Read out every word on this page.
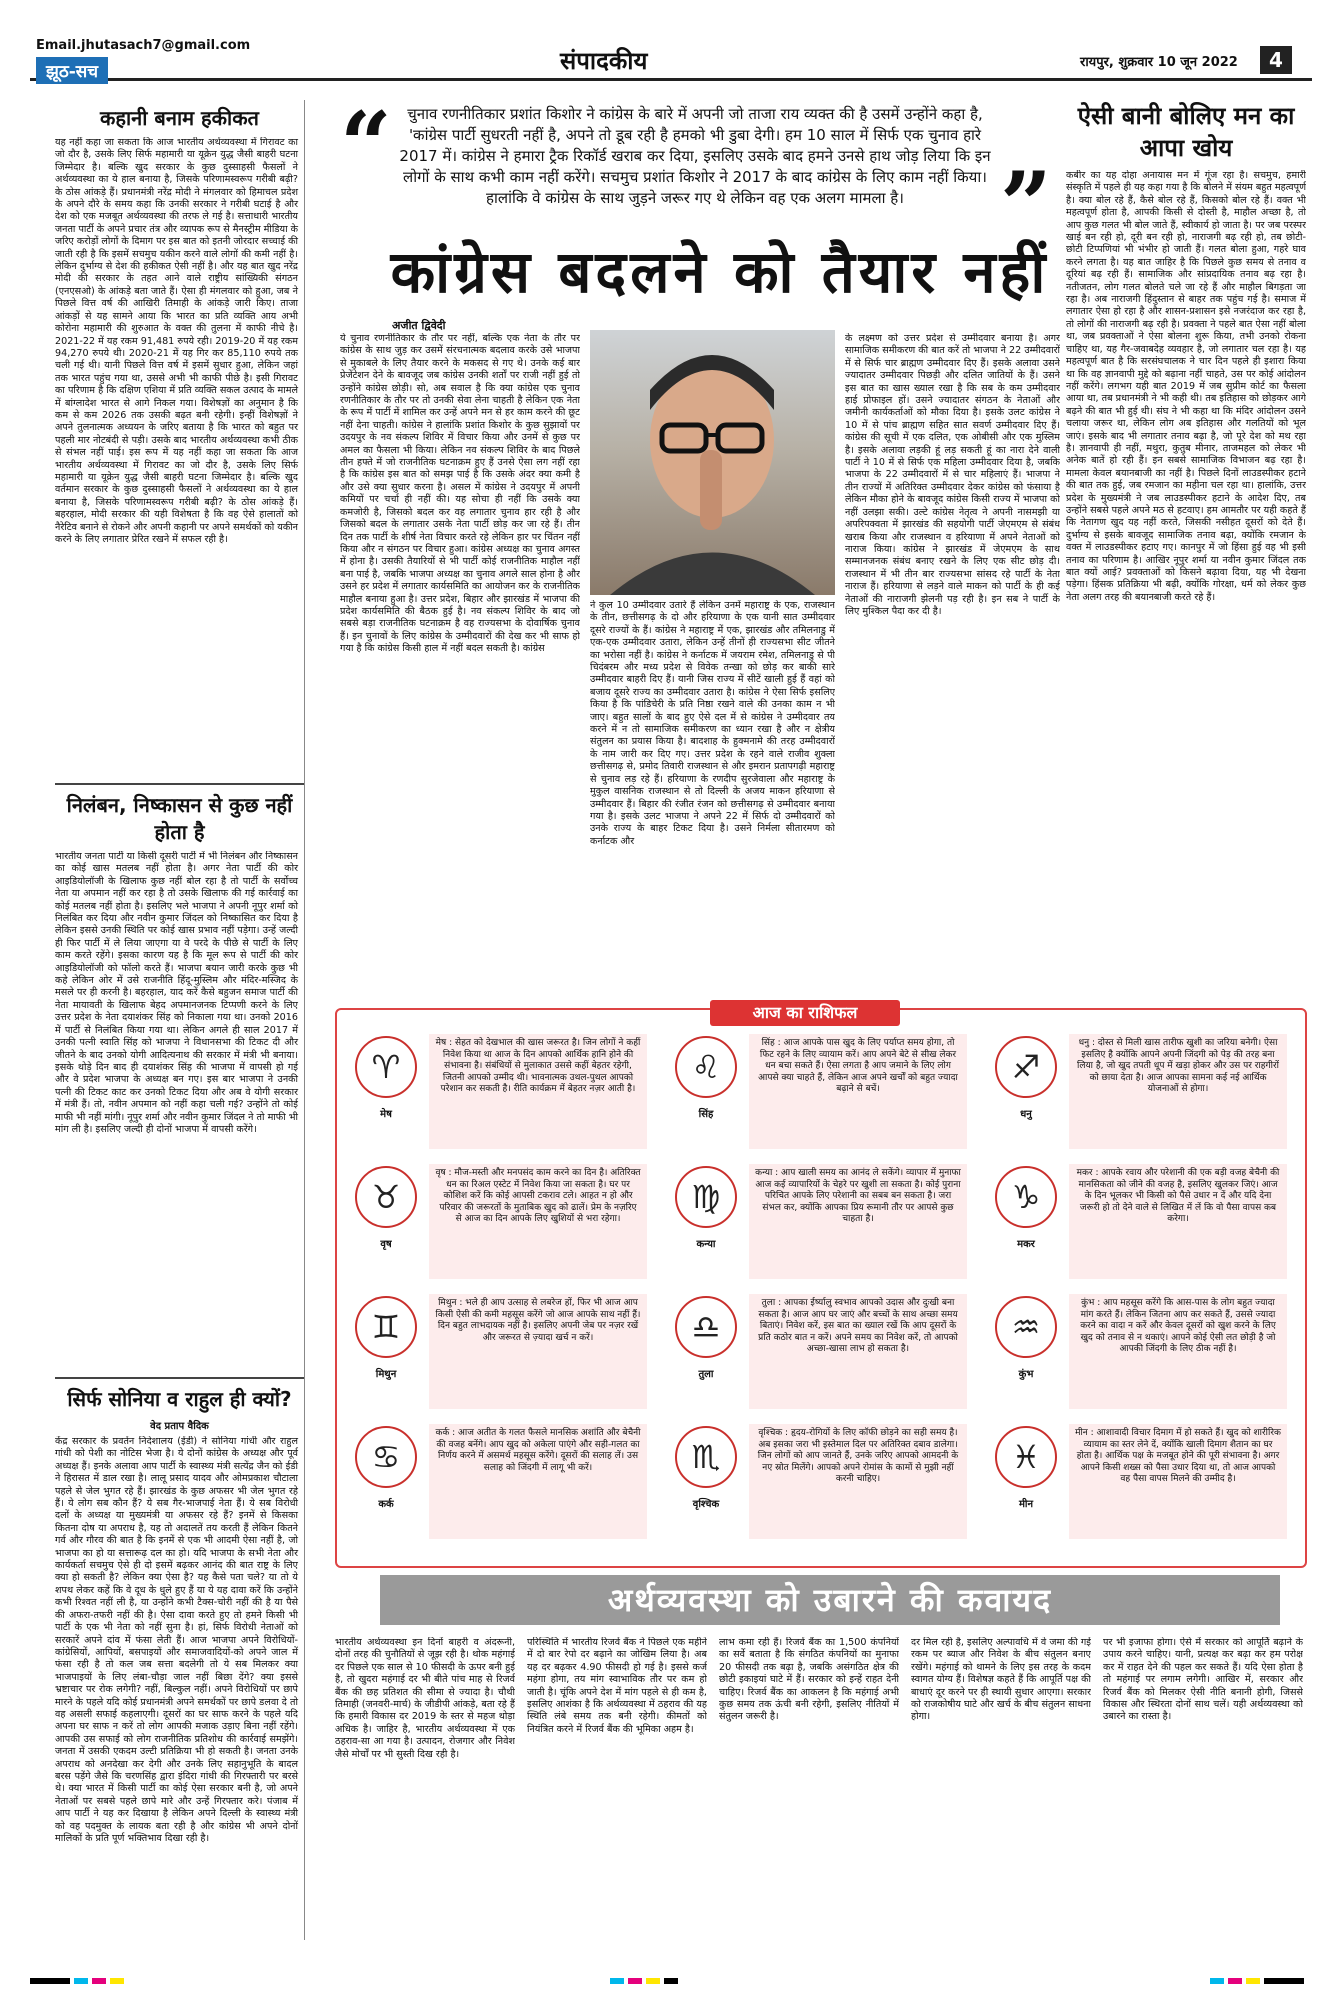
Email.jhutasach7@gmail.com
झूठ-सच	संपादकीय	रायपुर, शुक्रवार 10 जून 2022	4
कहानी बनाम हकीकत
यह नहीं कहा जा सकता कि आज भारतीय अर्थव्यवस्था में गिरावट का जो दौर है, उसके लिए सिर्फ महामारी या यूक्रेन युद्ध जैसी बाहरी घटना जिम्मेदार है। बल्कि खुद सरकार के कुछ दुस्साहसी फैसलों ने अर्थव्यवस्था का ये हाल बनाया है, जिसके परिणामस्वरूप गरीबी बढ़ी? के ठोस आंकड़े हैं। प्रधानमंत्री नरेंद्र मोदी ने मंगलवार को हिमाचल प्रदेश के अपने दौरे के समय कहा कि उनकी सरकार ने गरीबी घटाई है और देश को एक मजबूत अर्थव्यवस्था की तरफ ले गई है। सत्ताधारी भारतीय जनता पार्टी के अपने प्रचार तंत्र और व्यापक रूप से मैनस्ट्रीम मीडिया के जरिए करोड़ों लोगों के दिमाग पर इस बात को इतनी जोरदार सच्चाई की जाती रही है कि इसमें सचमुच यकीन करने वाले लोगों की कमी नहीं है। लेकिन दुर्भाग्य से देश की हकीकत ऐसी नहीं है। और यह बात खुद नरेंद्र मोदी की सरकार के तहत आने वाले राष्ट्रीय सांख्यिकी संगठन (एनएसओ) के आंकड़े बता जाते हैं। ऐसा ही मंगलवार को हुआ, जब ने पिछले वित्त वर्ष की आखिरी तिमाही के आंकड़े जारी किए। ताजा आंकड़ों से यह सामने आया कि भारत का प्रति व्यक्ति आय अभी कोरोना महामारी की शुरुआत के वक्त की तुलना में काफी नीचे है। 2021-22 में यह रकम 91,481 रुपये रही। 2019-20 में यह रकम 94,270 रुपये थी। 2020-21 में यह गिर कर 85,110 रुपये तक चली गई थी। यानी पिछले वित्त वर्ष में इसमें सुधार हुआ, लेकिन जहां तक भारत पहुंच गया था, उससे अभी भी काफी पीछे है। इसी गिरावट का परिणाम है कि दक्षिण एशिया में प्रति व्यक्ति सकल उत्पाद के मामले में बांग्लादेश भारत से आगे निकल गया। विशेषज्ञों का अनुमान है कि कम से कम 2026 तक उसकी बढ़त बनी रहेगी। इन्हीं विशेषज्ञों ने अपने तुलनात्मक अध्ययन के जरिए बताया है कि भारत को बहुत पर पहली मार नोटबंदी से पड़ी। उसके बाद भारतीय अर्थव्यवस्था कभी ठीक से संभल नहीं पाई। इस रूप में यह नहीं कहा जा सकता कि आज भारतीय अर्थव्यवस्था में गिरावट का जो दौर है, उसके लिए सिर्फ महामारी या यूक्रेन युद्ध जैसी बाहरी घटना जिम्मेदार है। बल्कि खुद वर्तमान सरकार के कुछ दुस्साहसी फैसलों ने अर्थव्यवस्था का ये हाल बनाया है, जिसके परिणामस्वरूप गरीबी बढ़ी? के ठोस आंकड़े हैं। बहरहाल, मोदी सरकार की यही विशेषता है कि वह ऐसे हालातों को नैरेटिव बनाने से रोकने और अपनी कहानी पर अपने समर्थकों को यकीन करने के लिए लगातार प्रेरित रखने में सफल रही है।
निलंबन, निष्कासन से कुछ नहीं होता है
भारतीय जनता पार्टी या किसी दूसरी पार्टी में भी निलंबन और निष्कासन का कोई खास मतलब नहीं होता है। अगर नेता पार्टी की कोर आइडियोलॉजी के खिलाफ कुछ नहीं बोल रहा है तो पार्टी के सर्वोच्च नेता या अपमान नहीं कर रहा है तो उसके खिलाफ की गई कार्रवाई का कोई मतलब नहीं होता है। इसलिए भले भाजपा ने अपनी नूपुर शर्मा को निलंबित कर दिया और नवीन कुमार जिंदल को निष्कासित कर दिया है लेकिन इससे उनकी स्थिति पर कोई खास प्रभाव नहीं पड़ेगा। उन्हें जल्दी ही फिर पार्टी में ले लिया जाएगा या वे परदे के पीछे से पार्टी के लिए काम करते रहेंगे। इसका कारण यह है कि मूल रूप से पार्टी की कोर आइडियोलॉजी को फॉलो करते हैं। भाजपा बयान जारी करके कुछ भी कहे लेकिन ओर में उसे राजनीति हिंदू-मुस्लिम और मंदिर-मस्जिद के मसले पर ही करनी है। बहरहाल, याद करें कैसे बहुजन समाज पार्टी की नेता मायावती के खिलाफ बेहद अपमानजनक टिप्पणी करने के लिए उत्तर प्रदेश के नेता दयाशंकर सिंह को निकाला गया था। उनको 2016 में पार्टी से निलंबित किया गया था। लेकिन अगले ही साल 2017 में उनकी पत्नी स्वाति सिंह को भाजपा ने विधानसभा की टिकट दी और जीतने के बाद उनको योगी आदित्यनाथ की सरकार में मंत्री भी बनाया। इसके थोड़े दिन बाद ही दयाशंकर सिंह की भाजपा में वापसी हो गई और वे प्रदेश भाजपा के अध्यक्ष बन गए। इस बार भाजपा ने उनकी पत्नी की टिकट काट कर उनको टिकट दिया और अब वे योगी सरकार में मंत्री हैं। तो, नवीन अपमान को नहीं कहा चली गई? उन्होंने तो कोई माफी भी नहीं मांगी। नूपुर शर्मा और नवीन कुमार जिंदल ने तो माफी भी मांग ली है। इसलिए जल्दी ही दोनों भाजपा में वापसी करेंगे।
सिर्फ सोनिया व राहुल ही क्यों?
वेद प्रताप वैदिक
केंद्र सरकार के प्रवर्तन निदेशालय (ईडी) ने सोनिया गांधी और राहुल गांधी को पेशी का नोटिस भेजा है। ये दोनों कांग्रेस के अध्यक्ष और पूर्व अध्यक्ष हैं। इनके अलावा आप पार्टी के स्वास्थ्य मंत्री सत्येंद्र जैन को ईडी ने हिरासत में डाल रखा है। लालू प्रसाद यादव और ओमप्रकाश चौटाला पहले से जेल भुगत रहे हैं। झारखंड के कुछ अफसर भी जेल भुगत रहे हैं। ये लोग सब कौन हैं? ये सब गैर-भाजपाई नेता हैं। ये सब विरोधी दलों के अध्यक्ष या मुख्यमंत्री या अफसर रहे हैं? इनमें से किसका कितना दोष या अपराध है, यह तो अदालतें तय करती हैं लेकिन कितने गर्व और गौरव की बात है कि इनमें से एक भी आदमी ऐसा नहीं है, जो भाजपा का हो या सत्तारूढ़ दल का हो। यदि भाजपा के सभी नेता और कार्यकर्ता सचमुच ऐसे ही दो इसमें बढ़कर आनंद की बात राष्ट्र के लिए क्या हो सकती है? लेकिन क्या ऐसा है? यह कैसे पता चले? या तो ये शपथ लेकर कहें कि वे दूध के धुले हुए हैं या ये यह दावा करें कि उन्होंने कभी रिश्वत नहीं ली है, या उन्होंने कभी टैक्स-चोरी नहीं की है या पैसे की अफरा-तफरी नहीं की है। ऐसा दावा करते हुए तो हमने किसी भी पार्टी के एक भी नेता को नहीं सुना है। हां, सिर्फ विरोधी नेताओं को सरकारें अपने दांव में फंसा लेती हैं। आज भाजपा अपने विरोधियों-कांग्रेसियों, आपियों, बसपाइयों और समाजवादियों-को अपने जाल में फंसा रही है तो कल जब सत्ता बदलेगी तो ये सब मिलकर क्या भाजपाइयों के लिए लंबा-चौड़ा जाल नहीं बिछा देंगे? क्या इससे भ्रष्टाचार पर रोक लगेगी? नहीं, बिल्कुल नहीं। अपने विरोधियों पर छापे मारने के पहले यदि कोई प्रधानमंत्री अपने समर्थकों पर छापे डलवा दे तो वह असली सफाई कहलाएगी। दूसरों का घर साफ करने के पहले यदि अपना घर साफ न करें तो लोग आपकी मजाक उड़ाए बिना नहीं रहेंगे। आपकी उस सफाई को लोग राजनीतिक प्रतिशोध की कार्रवाई समझेंगे। जनता में उसकी एकदम उल्टी प्रतिक्रिया भी हो सकती है। जनता उनके अपराध को अनदेखा कर देगी और उनके लिए सहानुभूति के बादल बरस पड़ेंगे जैसे कि चरणसिंह द्वारा इंदिरा गांधी की गिरफ्तारी पर बरसे थे। क्या भारत में किसी पार्टी का कोई ऐसा सरकार बनी है, जो अपने नेताओं पर सबसे पहले छापे मारे और उन्हें गिरफ्तार करे। पंजाब में आप पार्टी ने यह कर दिखाया है लेकिन अपने दिल्ली के स्वास्थ्य मंत्री को वह पदमुक्त के लायक बता रही है और कांग्रेस भी अपने दोनों मालिकों के प्रति पूर्ण भक्तिभाव दिखा रही है।
“	चुनाव रणनीतिकार प्रशांत किशोर ने कांग्रेस के बारे में अपनी जो ताजा राय व्यक्त की है उसमें उन्होंने कहा है, 'कांग्रेस पार्टी सुधरती नहीं है, अपने तो डूब रही है हमको भी डुबा देगी। हम 10 साल में सिर्फ एक चुनाव हारे 2017 में। कांग्रेस ने हमारा ट्रैक रिकॉर्ड खराब कर दिया, इसलिए उसके बाद हमने उनसे हाथ जोड़ लिया कि इन लोगों के साथ कभी काम नहीं करेंगे। सचमुच प्रशांत किशोर ने 2017 के बाद कांग्रेस के लिए काम नहीं किया। हालांकि वे कांग्रेस के साथ जुड़ने जरूर गए थे लेकिन वह एक अलग मामला है।	”
कांग्रेस बदलने को तैयार नहीं
अजीत द्विवेदी
ये चुनाव रणनीतिकार के तौर पर नहीं, बल्कि एक नेता के तौर पर कांग्रेस के साथ जुड़ कर उसमें संरचनात्मक बदलाव करके उसे भाजपा से मुकाबले के लिए तैयार करने के मकसद से गए थे। उनके कई बार प्रेजेंटेशन देने के बावजूद जब कांग्रेस उनकी शर्तों पर राजी नहीं हुई तो उन्होंने कांग्रेस छोड़ी। सो, अब सवाल है कि क्या कांग्रेस एक चुनाव रणनीतिकार के तौर पर तो उनकी सेवा लेना चाहती है लेकिन एक नेता के रूप में पार्टी में शामिल कर उन्हें अपने मन से हर काम करने की छूट नहीं देना चाहती। कांग्रेस ने हालांकि प्रशांत किशोर के कुछ सुझावों पर उदयपुर के नव संकल्प शिविर में विचार किया और उनमें से कुछ पर अमल का फैसला भी किया। लेकिन नव संकल्प शिविर के बाद पिछले तीन हफ्ते में जो राजनीतिक घटनाक्रम हुए हैं उनसे ऐसा लग नहीं रहा है कि कांग्रेस इस बात को समझ पाई है कि उसके अंदर क्या कमी है और उसे क्या सुधार करना है। असल में कांग्रेस ने उदयपुर में अपनी कमियों पर चर्चा ही नहीं की। यह सोचा ही नहीं कि उसके क्या कमजोरी है, जिसको बदल कर वह लगातार चुनाव हार रही है और जिसको बदल के लगातार उसके नेता पार्टी छोड़ कर जा रहे हैं। तीन दिन तक पार्टी के शीर्ष नेता विचार करते रहे लेकिन हार पर चिंतन नहीं किया और न संगठन पर विचार हुआ। कांग्रेस अध्यक्ष का चुनाव अगस्त में होना है। उसकी तैयारियों से भी पार्टी कोई राजनीतिक माहौल नहीं बना पाई है, जबकि भाजपा अध्यक्ष का चुनाव अगले साल होना है और उसने हर प्रदेश में लगातार कार्यसमिति का आयोजन कर के राजनीतिक माहौल बनाया हुआ है। उत्तर प्रदेश, बिहार और झारखंड में भाजपा की प्रदेश कार्यसमिति की बैठक हुई है। नव संकल्प शिविर के बाद जो सबसे बड़ा राजनीतिक घटनाक्रम है वह राज्यसभा के दोवार्षिक चुनाव हैं। इन चुनावों के लिए कांग्रेस के उम्मीदवारों की देख कर भी साफ हो गया है कि कांग्रेस किसी हाल में नहीं बदल सकती है। कांग्रेस
ने कुल 10 उम्मीदवार उतारे हैं लेकिन उनमें महाराष्ट्र के एक, राजस्थान के तीन, छत्तीसगढ़ के दो और हरियाणा के एक यानी सात उम्मीदवार दूसरे राज्यों के हैं। कांग्रेस ने महाराष्ट्र में एक, झारखंड और तमिलनाडु में एक-एक उम्मीदवार उतारा, लेकिन उन्हें तीनों ही राज्यसभा सीट जीतने का भरोसा नहीं है। कांग्रेस ने कर्नाटक में जयराम रमेश, तमिलनाडु से पी चिदंबरम और मध्य प्रदेश से विवेक तन्खा को छोड़ कर बाकी सारे उम्मीदवार बाहरी दिए हैं। यानी जिस राज्य में सीटें खाली हुई हैं वहां को बजाय दूसरे राज्य का उम्मीदवार उतारा है। कांग्रेस ने ऐसा सिर्फ इसलिए किया है कि पांडिचेरी के प्रति निष्ठा रखने वाले की उनका काम न भी जाए। बहुत सालों के बाद हुए ऐसे दल में से कांग्रेस ने उम्मीदवार तय करने में न तो सामाजिक समीकरण का ध्यान रखा है और न क्षेत्रीय संतुलन का प्रयास किया है। बादशाह के हुक्मनामे की तरह उम्मीदवारों के नाम जारी कर दिए गए। उत्तर प्रदेश के रहने वाले राजीव शुक्ला छत्तीसगढ़ से, प्रमोद तिवारी राजस्थान से और इमरान प्रतापगढ़ी महाराष्ट्र से चुनाव लड़ रहे हैं। हरियाणा के रणदीप सुरजेवाला और महाराष्ट्र के मुकुल वासनिक राजस्थान से तो दिल्ली के अजय माकन हरियाणा से उम्मीदवार हैं। बिहार की रंजीत रंजन को छत्तीसगढ़ से उम्मीदवार बनाया गया है। इसके उलट भाजपा ने अपने 22 में सिर्फ दो उम्मीदवारों को उनके राज्य के बाहर टिकट दिया है। उसने निर्मला सीतारमण को कर्नाटक और
के लक्ष्मण को उत्तर प्रदेश से उम्मीदवार बनाया है। अगर सामाजिक समीकरण की बात करें तो भाजपा ने 22 उम्मीदवारों में से सिर्फ चार ब्राह्मण उम्मीदवार दिए हैं। इसके अलावा उसने ज्यादातर उम्मीदवार पिछड़ी और दलित जातियों के हैं। उसने इस बात का खास ख्याल रखा है कि सब के कम उम्मीदवार हाई प्रोफाइल हों। उसने ज्यादातर संगठन के नेताओं और जमीनी कार्यकर्ताओं को मौका दिया है। इसके उलट कांग्रेस ने 10 में से पांच ब्राह्मण सहित सात सवर्ण उम्मीदवार दिए हैं। कांग्रेस की सूची में एक दलित, एक ओबीसी और एक मुस्लिम है। इसके अलावा लड़की हूं लड़ सकती हूं का नारा देने वाली पार्टी ने 10 में से सिर्फ एक महिला उम्मीदवार दिया है, जबकि भाजपा के 22 उम्मीदवारों में से चार महिलाएं हैं। भाजपा ने तीन राज्यों में अतिरिक्त उम्मीदवार देकर कांग्रेस को फंसाया है लेकिन मौका होने के बावजूद कांग्रेस किसी राज्य में भाजपा को नहीं उलझा सकी। उल्टे कांग्रेस नेतृत्व ने अपनी नासमझी या अपरिपक्वता में झारखंड की सहयोगी पार्टी जेएमएम से संबंध खराब किया और राजस्थान व हरियाणा में अपने नेताओं को नाराज किया। कांग्रेस ने झारखंड में जेएमएम के साथ सम्मानजनक संबंध बनाए रखने के लिए एक सीट छोड़ दी। राजस्थान में भी तीन बार राज्यसभा सांसद रहे पार्टी के नेता नाराज हैं। हरियाणा से लड़ने वाले माकन को पार्टी के ही कई नेताओं की नाराजगी झेलनी पड़ रही है। इन सब ने पार्टी के लिए मुश्किल पैदा कर दी है।
ऐसी बानी बोलिए मन का आपा खोय
कबीर का यह दोहा अनायास मन में गूंज रहा है। सचमुच, हमारी संस्कृति में पहले ही यह कहा गया है कि बोलने में संयम बहुत महत्वपूर्ण है। क्या बोल रहे हैं, कैसे बोल रहे हैं, किसको बोल रहे हैं। वक्त भी महत्वपूर्ण होता है, आपकी किसी से दोस्ती है, माहौल अच्छा है, तो आप कुछ गलत भी बोल जाते हैं, स्वीकार्य हो जाता है। पर जब परस्पर खाई बन रही हो, दूरी बन रही हो, नाराजगी बढ़ रही हो, तब छोटी-छोटी टिप्पणियां भी भंभीर हो जाती हैं। गलत बोला हुआ, गहरे घाव करने लगता है। यह बात जाहिर है कि पिछले कुछ समय से तनाव व दूरियां बढ़ रही हैं। सामाजिक और सांप्रदायिक तनाव बढ़ रहा है। नतीजतन, लोग गलत बोलते चले जा रहे हैं और माहौल बिगड़ता जा रहा है। अब नाराजगी हिंदुस्तान से बाहर तक पहुंच गई है। समाज में लगातार ऐसा हो रहा है और शासन-प्रशासन इसे नजरंदाज कर रहा है, तो लोगों की नाराजगी बढ़ रही है। प्रवक्ता ने पहले बात ऐसा नहीं बोला था, जब प्रवक्ताओं ने ऐसा बोलना शुरू किया, तभी उनको रोकना चाहिए था, यह गैर-जवाबदेह व्यवहार है, जो लगातार चल रहा है। यह महत्वपूर्ण बात है कि सरसंघचालक ने चार दिन पहले ही इशारा किया था कि वह ज्ञानवापी मुद्दे को बढ़ाना नहीं चाहते, उस पर कोई आंदोलन नहीं करेंगे। लगभग यही बात 2019 में जब सुप्रीम कोर्ट का फैसला आया था, तब प्रधानमंत्री ने भी कही थी। तब इतिहास को छोड़कर आगे बढ़ने की बात भी हुई थी। संघ ने भी कहा था कि मंदिर आंदोलन उसने चलाया जरूर था, लेकिन लोग अब इतिहास और गलतियों को भूल जाएं। इसके बाद भी लगातार तनाव बढ़ा है, जो पूरे देश को मथ रहा है। ज्ञानवापी ही नहीं, मथुरा, कुतुब मीनार, ताजमहल को लेकर भी अनेक बातें हो रही हैं। इन सबसे सामाजिक विभाजन बढ़ रहा है। मामला केवल बयानबाजी का नहीं है। पिछले दिनों लाउडस्पीकर हटाने की बात तक हुई, जब रमजान का महीना चल रहा था। हालांकि, उत्तर प्रदेश के मुख्यमंत्री ने जब लाउडस्पीकर हटाने के आदेश दिए, तब उन्होंने सबसे पहले अपने मठ से हटवाए। हम आमतौर पर यही कहते हैं कि नेतागण खुद यह नहीं करते, जिसकी नसीहत दूसरों को देते हैं। दुर्भाग्य से इसके बावजूद सामाजिक तनाव बढ़ा, क्योंकि रमजान के वक्त में लाउडस्पीकर हटाए गए। कानपुर में जो हिंसा हुई वह भी इसी तनाव का परिणाम है। आखिर नूपुर शर्मा या नवीन कुमार जिंदल तक बात क्यों आई? प्रवक्ताओं को किसने बढ़ावा दिया, यह भी देखना पड़ेगा। हिंसक प्रतिक्रिया भी बढ़ी, क्योंकि गोरक्षा, धर्म को लेकर कुछ नेता अलग तरह की बयानबाजी करते रहे हैं।
♈
मेष
मेष : सेहत को देखभाल की खास जरूरत है। जिन लोगों ने कहीं निवेश किया था आज के दिन आपको आर्थिक हानि होने की संभावना है। संबंधियों से मुलाकात उससे कहीं बेहतर रहेगी, जितनी आपको उम्मीद थी। भावनात्मक उथल-पुथल आपको परेशान कर सकती है। रीति कार्यक्रम में बेहतर नज़र आती है।
♉
वृष
वृष : मौज-मस्ती और मनपसंद काम करने का दिन है। अतिरिक्त धन का रिअल एस्टेट में निवेश किया जा सकता है। घर पर कोशिश करें कि कोई आपसी टकराव टले। आहत न हो और परिवार की जरूरतों के मुताबिक खुद को ढालें। प्रेम के नज़रिए से आज का दिन आपके लिए खुशियों से भरा रहेगा।
♊
मिथुन
मिथुन : भले ही आप उत्साह से लबरेज हों, फिर भी आज आप किसी ऐसी की कमी महसूस करेंगे जो आज आपके साथ नहीं हैं। दिन बहुत लाभदायक नहीं है। इसलिए अपनी जेब पर नज़र रखें और जरूरत से ज़्यादा खर्च न करें।
♋
कर्क
कर्क : आज अतीत के गलत फैसले मानसिक अशांति और बेचैनी की वजह बनेंगे। आप खुद को अकेला पाएंगे और सही-गलत का निर्णय करने में असमर्थ महसूस करेंगे। दूसरों की सलाह लें। उस सलाह को जिंदगी में लागू भी करें।
♌
सिंह
सिंह : आज आपके पास खुद के लिए पर्याप्त समय होगा, तो फिट रहने के लिए व्यायाम करें। आप अपने बेटे से सीख लेकर धन बचा सकते हैं। ऐसा लगता है आप जमाने के लिए लोग आपसे क्या चाहते हैं, लेकिन आज अपने खर्चों को बहुत ज्यादा बढ़ाने से बचें।
♍
कन्या
कन्या : आप खाली समय का आनंद ले सकेंगे। व्यापार में मुनाफा आज कई व्यापारियों के चेहरे पर खुशी ला सकता है। कोई पुराना परिचित आपके लिए परेशानी का सबब बन सकता है। जरा संभल कर, क्योंकि आपका प्रिय रूमानी तौर पर आपसे कुछ चाहता है।
♎
तुला
तुला : आपका ईर्ष्यालु स्वभाव आपको उदास और दुःखी बना सकता है। आज आप घर जाएं और बच्चों के साथ अच्छा समय बिताएं। निवेश करें, इस बात का ख्याल रखें कि आप दूसरों के प्रति कठोर बात न करें। अपने समय का निवेश करें, तो आपको अच्छा-खासा लाभ हो सकता है।
♏
वृश्चिक
वृश्चिक : हृदय-रोगियों के लिए कॉफी छोड़ने का सही समय है। अब इसका जरा भी इस्तेमाल दिल पर अतिरिक्त दबाव डालेगा। जिन लोगों को आप जानते हैं, उनके जरिए आपको आमदनी के नए स्रोत मिलेंगे। आपको अपने रोमांस के कामों से मुझी नहीं करनी चाहिए।
♐
धनु
धनु : दोस्त से मिली खास तारीफ खुशी का जरिया बनेगी। ऐसा इसलिए है क्योंकि आपने अपनी जिंदगी को पेड़ की तरह बना लिया है, जो खुद तपती धूप में खड़ा होकर और उस पर राहगीरों को छाया देता है। आज आपका सामना कई नई आर्थिक योजनाओं से होगा।
♑
मकर
मकर : आपके रवाय और परेशानी की एक बड़ी वजह बेचैनी की मानसिकता को जीने की वजह है, इसलिए खुलकर जिएं। आज के दिन भूलकर भी किसी को पैसे उधार न दें और यदि देना जरूरी हो तो देने वाले से लिखित में लें कि वो पैसा वापस कब करेगा।
♒
कुंभ
कुंभ : आप महसूस करेंगे कि आस-पास के लोग बहुत ज्यादा मांग करते हैं। लेकिन जितना आप कर सकते हैं, उससे ज्यादा करने का वादा न करें और केवल दूसरों को खुश करने के लिए खुद को तनाव से न थकाएं। आपने कोई ऐसी लत छोड़ी है जो आपकी जिंदगी के लिए ठीक नहीं है।
♓
मीन
मीन : आशावादी विचार दिमाग में हो सकते हैं। खुद को शारीरिक व्यायाम का स्तर लेने दें, क्योंकि खाली दिमाग शैतान का घर होता है। आर्थिक पक्ष के मजबूत होने की पूरी संभावना है। अगर आपने किसी शख्स को पैसा उधार दिया था, तो आज आपको वह पैसा वापस मिलने की उम्मीद है।
आज का राशिफल
अर्थव्यवस्था को उबारने की कवायद
भारतीय अर्थव्यवस्था इन दिनों बाहरी व अंदरूनी, दोनों तरह की चुनौतियों से जूझ रही है। थोक महंगाई दर पिछले एक साल से 10 फीसदी के ऊपर बनी हुई है, तो खुदरा महंगाई दर भी बीते पांच माह से रिजर्व बैंक की छह प्रतिशत की सीमा से ज्यादा है। चौथी तिमाही (जनवरी-मार्च) के जीडीपी आंकड़े, बता रहे हैं कि हमारी विकास दर 2019 के स्तर से महज थोड़ा अधिक है। जाहिर है, भारतीय अर्थव्यवस्था में एक ठहराव-सा आ गया है। उत्पादन, रोजगार और निवेश जैसे मोर्चों पर भी सुस्ती दिख रही है।
परिस्थिति में भारतीय रिजर्व बैंक ने पिछले एक महीने में दो बार रेपो दर बढ़ाने का जोखिम लिया है। अब यह दर बढ़कर 4.90 फीसदी हो गई है। इससे कर्ज महंगा होगा, तय मांग स्वाभाविक तौर पर कम हो जाती है। चूंकि अपने देश में मांग पहले से ही कम है, इसलिए आशंका है कि अर्थव्यवस्था में ठहराव की यह स्थिति लंबे समय तक बनी रहेगी। कीमतों को नियंत्रित करने में रिजर्व बैंक की भूमिका अहम है।
लाभ कमा रही हैं। रिजर्व बैंक का 1,500 कंपनियों का सर्वे बताता है कि संगठित कंपनियों का मुनाफा 20 फीसदी तक बढ़ा है, जबकि असंगठित क्षेत्र की छोटी इकाइयां घाटे में हैं। सरकार को इन्हें राहत देनी चाहिए। रिजर्व बैंक का आकलन है कि महंगाई अभी कुछ समय तक ऊंची बनी रहेगी, इसलिए नीतियों में संतुलन जरूरी है।
दर मिल रही है, इसलिए अल्पावधि में वे जमा की गई रकम पर ब्याज और निवेश के बीच संतुलन बनाए रखेंगे। महंगाई को थामने के लिए इस तरह के कदम स्वागत योग्य हैं। विशेषज्ञ कहते हैं कि आपूर्ति पक्ष की बाधाएं दूर करने पर ही स्थायी सुधार आएगा। सरकार को राजकोषीय घाटे और खर्च के बीच संतुलन साधना होगा।
पर भी इजाफा होगा। ऐसे में सरकार को आपूर्ति बढ़ाने के उपाय करने चाहिए। यानी, प्रत्यक्ष कर बढ़ा कर हम परोक्ष कर में राहत देने की पहल कर सकते हैं। यदि ऐसा होता है तो महंगाई पर लगाम लगेगी। आखिर में, सरकार और रिजर्व बैंक को मिलकर ऐसी नीति बनानी होगी, जिससे विकास और स्थिरता दोनों साथ चलें। यही अर्थव्यवस्था को उबारने का रास्ता है।
